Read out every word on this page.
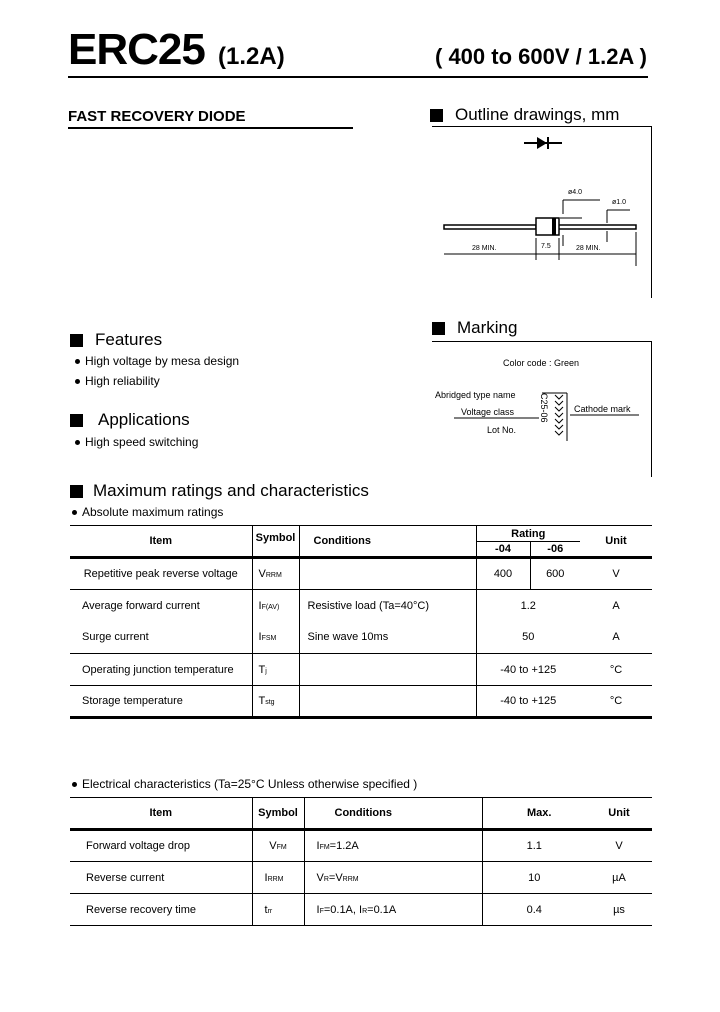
ERC25 (1.2A)	( 400 to 600V / 1.2A )
FAST RECOVERY DIODE	Outline drawings, mm
ø4.0
ø1.0
28 MIN.	7.5	28 MIN.
Marking
Color code : Green
Abridged type name
Voltage class
Lot No.
Cathode mark
C25-06
Features
High voltage by mesa design
High reliability
Applications
High speed switching
Maximum ratings and characteristics
Absolute maximum ratings
Item	Symbol	Conditions	Rating		Unit
			-04	-06	
Repetitive peak reverse voltage	VRRM		400	600	V
Average forward current	IF(AV)	Resistive load (Ta=40°C)	1.2		A
Surge current	IFSM	Sine wave 10ms	50		A
Operating junction temperature	Tj		-40 to +125		°C
Storage temperature	Tstg		-40 to +125		°C
Electrical characteristics (Ta=25°C Unless otherwise specified )
Item	Symbol	Conditions	Max.	Unit
Forward voltage drop	VFM	IFM=1.2A	1.1	V
Reverse current	IRRM	VR=VRRM	10	µA
Reverse recovery time	trr	IF=0.1A, IR=0.1A	0.4	µs
